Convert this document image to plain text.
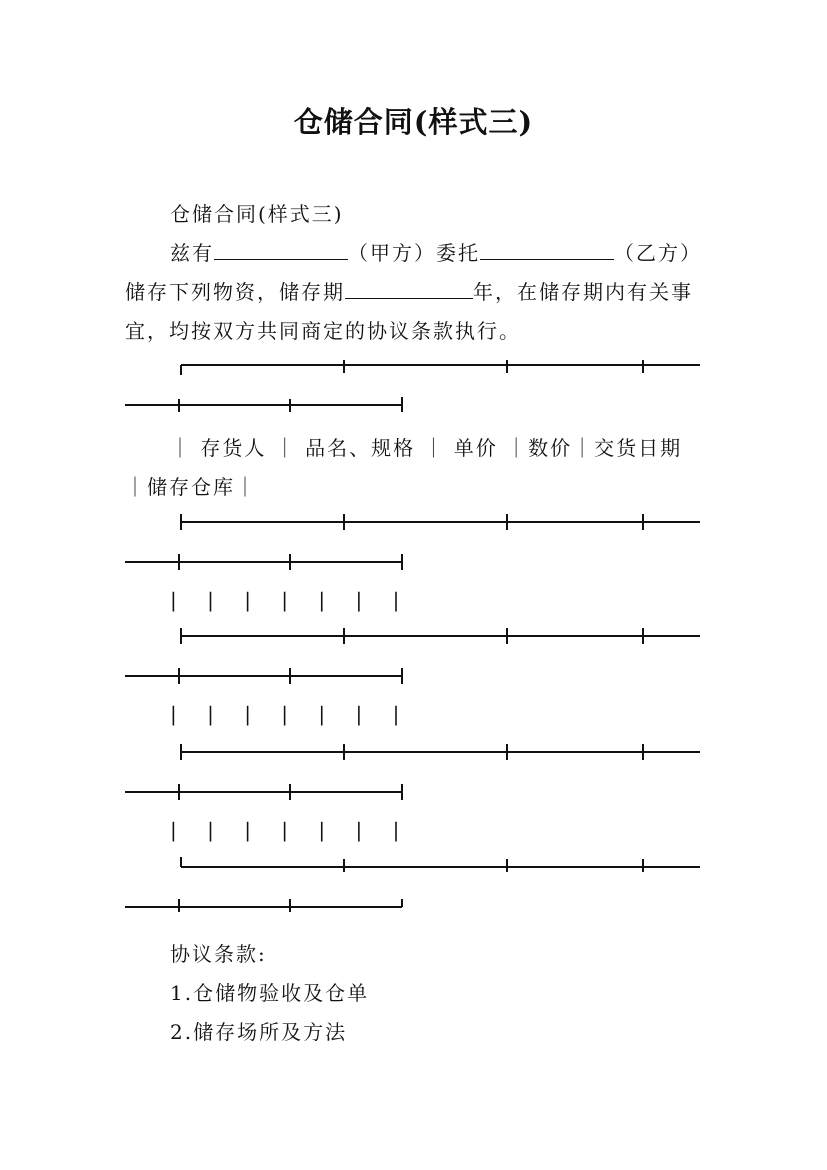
仓储合同(样式三)
仓储合同(样式三)
兹有	（甲方）委托	（乙方）
储存下列物资，储存期	年，在储存期内有关事
宜，均按双方共同商定的协议条款执行。
｜ 存货人 ｜ 品名、规格 ｜ 单价 ｜数价｜交货日期
｜储存仓库｜
| | | | | | |
| | | | | | |
| | | | | | |
协议条款:
1.仓储物验收及仓单
2.储存场所及方法
